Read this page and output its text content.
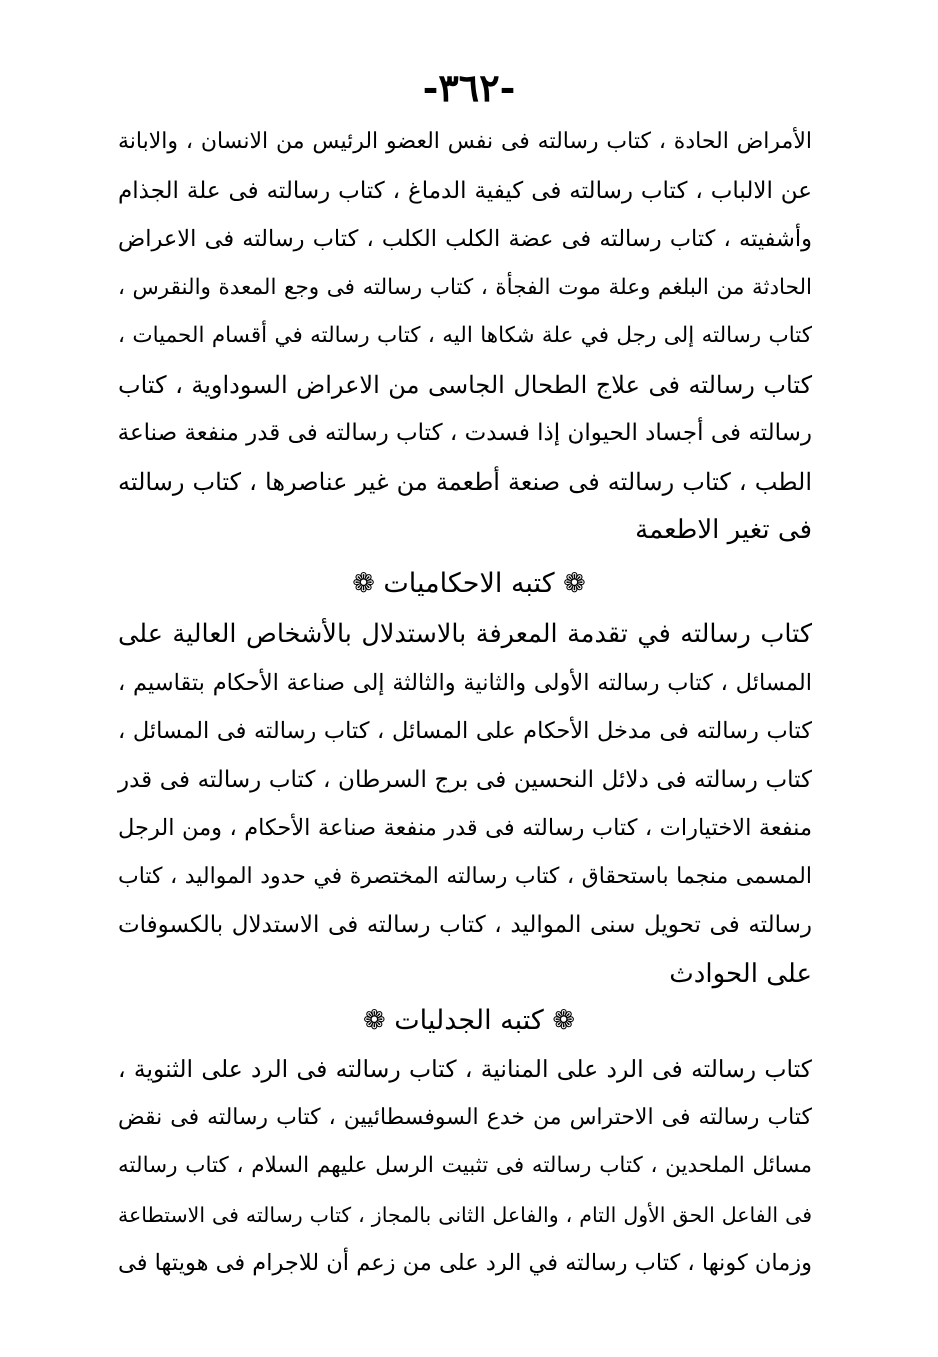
-٣٦٢-
الأمراض الحادة ، كتاب رسالته فى نفس العضو الرئيس من الانسان ، والابانة
عن الالباب ، كتاب رسالته فى كيفية الدماغ ، كتاب رسالته فى علة الجذام
وأشفيته ، كتاب رسالته فى عضة الكلب الكلب ، كتاب رسالته فى الاعراض
الحادثة من البلغم وعلة موت الفجأة ، كتاب رسالته فى وجع المعدة والنقرس ،
كتاب رسالته إلى رجل في علة شكاها اليه ، كتاب رسالته في أقسام الحميات ،
كتاب رسالته فى علاج الطحال الجاسى من الاعراض السوداوية ، كتاب
رسالته فى أجساد الحيوان إذا فسدت ، كتاب رسالته فى قدر منفعة صناعة
الطب ، كتاب رسالته فى صنعة أطعمة من غير عناصرها ، كتاب رسالته
فى تغير الاطعمة
❁ كتبه الاحكاميات ❁
كتاب رسالته في تقدمة المعرفة بالاستدلال بالأشخاص العالية على
المسائل ، كتاب رسالته الأولى والثانية والثالثة إلى صناعة الأحكام بتقاسيم ،
كتاب رسالته فى مدخل الأحكام على المسائل ، كتاب رسالته فى المسائل ،
كتاب رسالته فى دلائل النحسين فى برج السرطان ، كتاب رسالته فى قدر
منفعة الاختيارات ، كتاب رسالته فى قدر منفعة صناعة الأحكام ، ومن الرجل
المسمى منجما باستحقاق ، كتاب رسالته المختصرة في حدود المواليد ، كتاب
رسالته فى تحويل سنى المواليد ، كتاب رسالته فى الاستدلال بالكسوفات
على الحوادث
❁ كتبه الجدليات ❁
كتاب رسالته فى الرد على المنانية ، كتاب رسالته فى الرد على الثنوية ،
كتاب رسالته فى الاحتراس من خدع السوفسطائيين ، كتاب رسالته فى نقض
مسائل الملحدين ، كتاب رسالته فى تثبيت الرسل عليهم السلام ، كتاب رسالته
فى الفاعل الحق الأول التام ، والفاعل الثانى بالمجاز ، كتاب رسالته فى الاستطاعة
وزمان كونها ، كتاب رسالته في الرد على من زعم أن للاجرام فى هويتها فى
